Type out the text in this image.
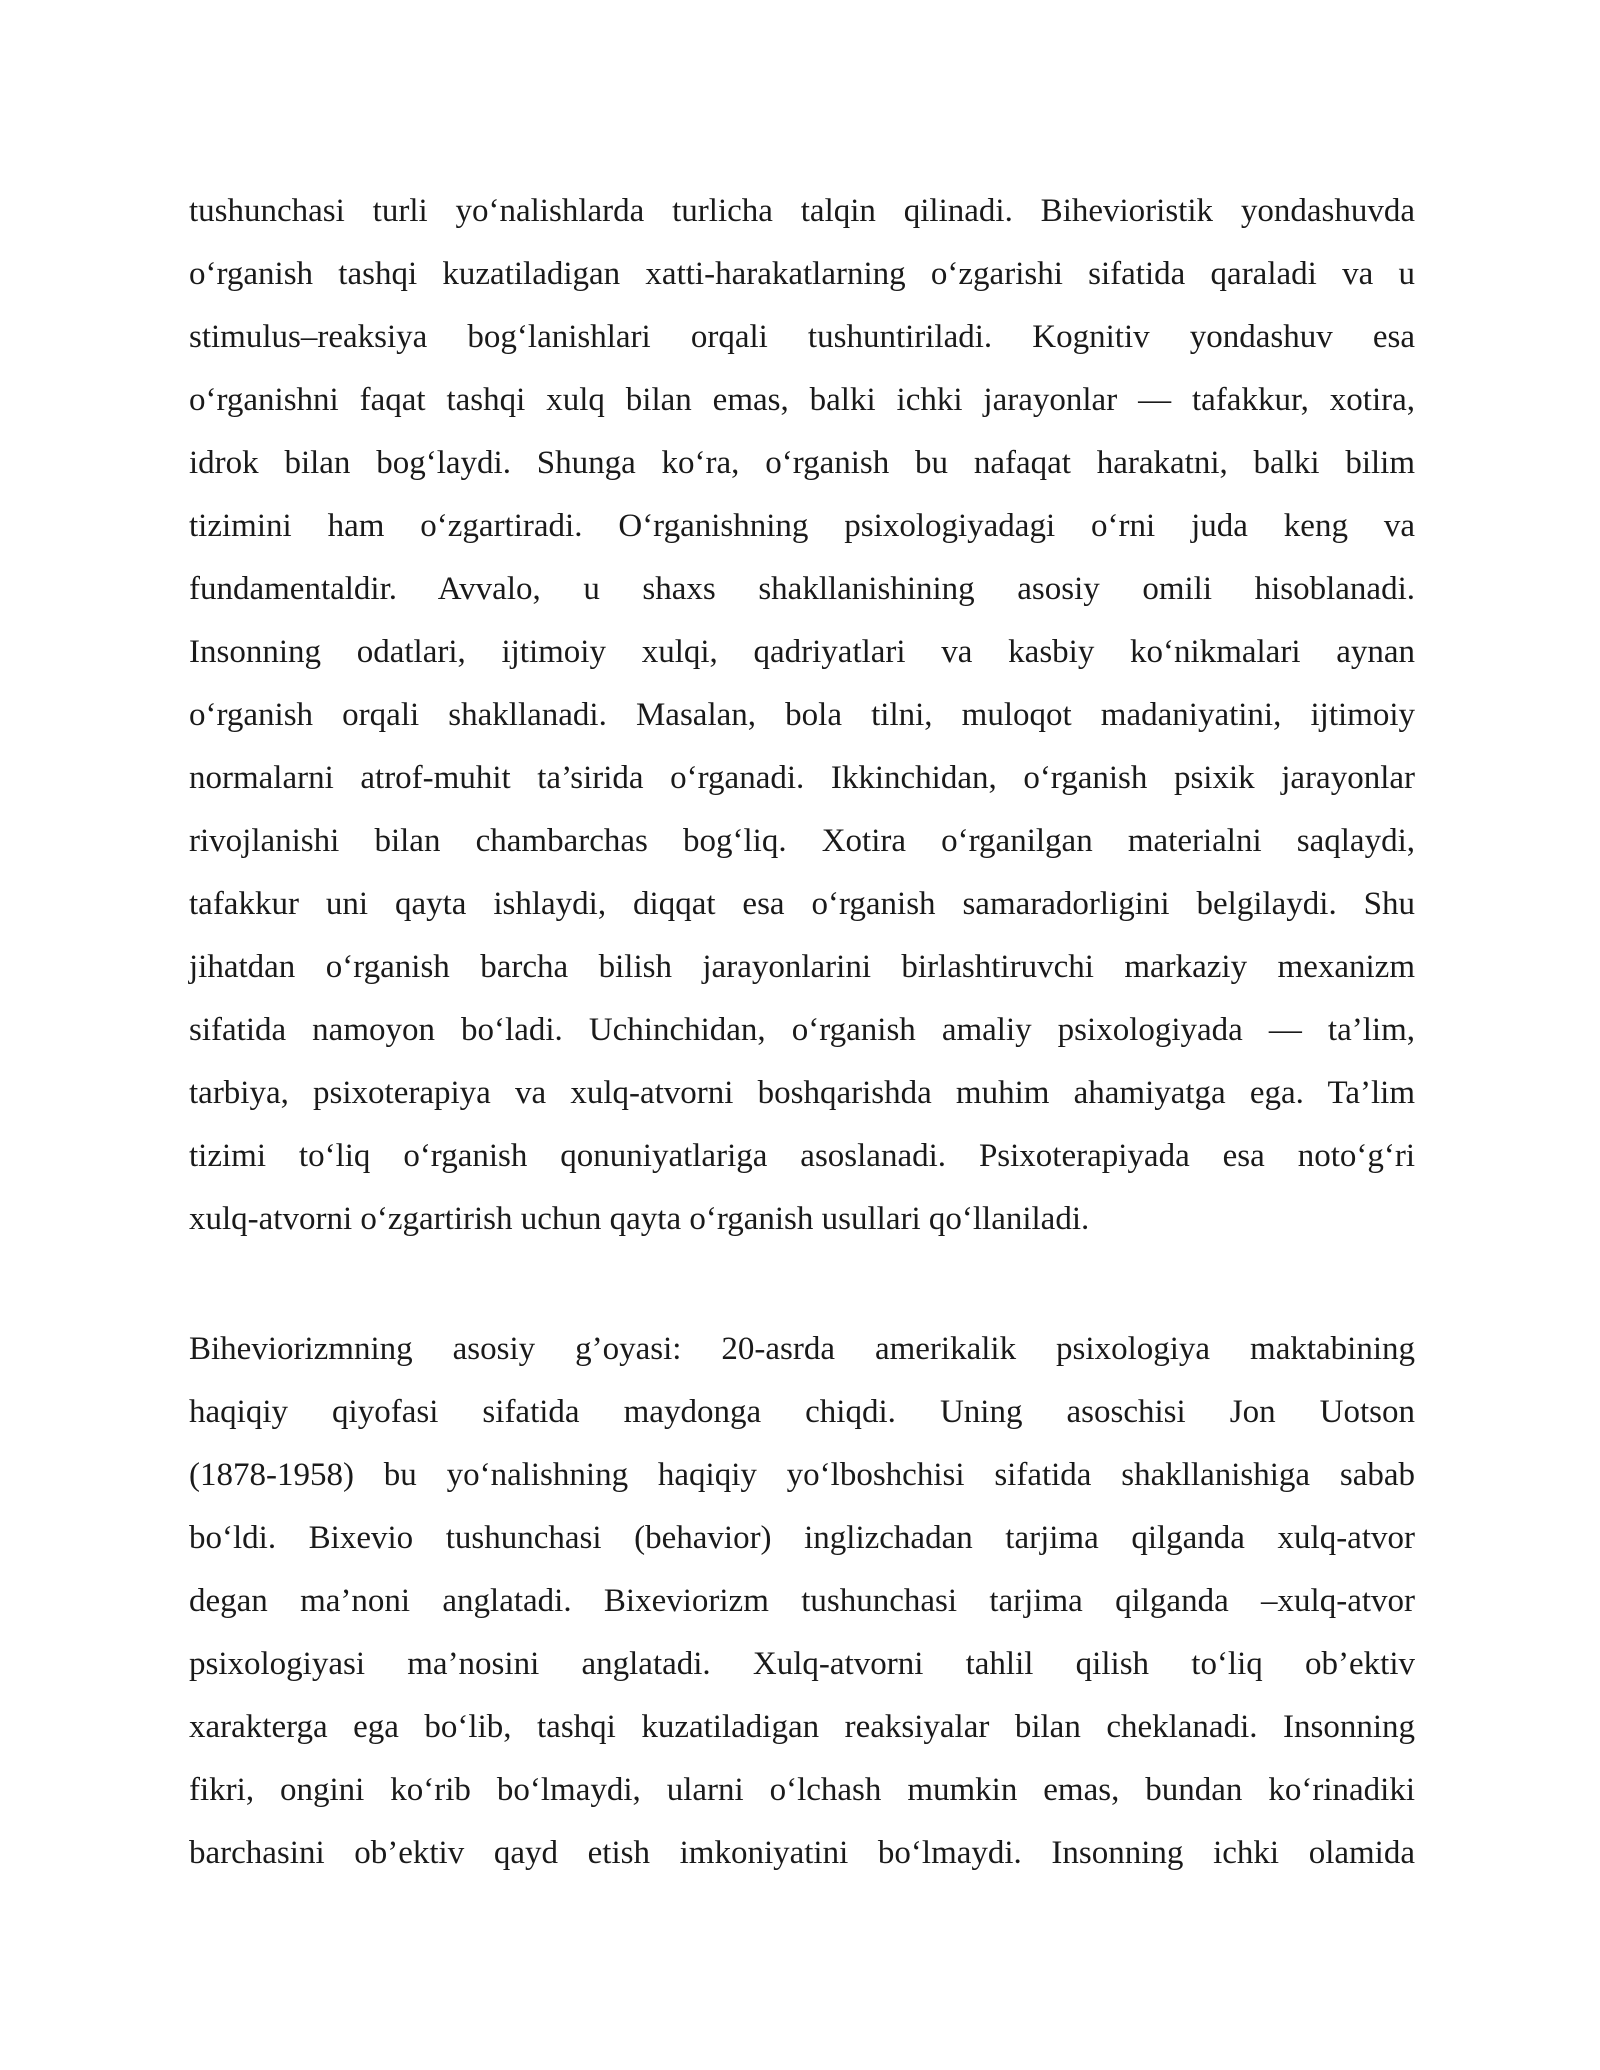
tushunchasi turli yo‘nalishlarda turlicha talqin qilinadi. Bihevioristik yondashuvda
o‘rganish tashqi kuzatiladigan xatti-harakatlarning o‘zgarishi sifatida qaraladi va u
stimulus–reaksiya bog‘lanishlari orqali tushuntiriladi. Kognitiv yondashuv esa
o‘rganishni faqat tashqi xulq bilan emas, balki ichki jarayonlar — tafakkur, xotira,
idrok bilan bog‘laydi. Shunga ko‘ra, o‘rganish bu nafaqat harakatni, balki bilim
tizimini ham o‘zgartiradi. O‘rganishning psixologiyadagi o‘rni juda keng va
fundamentaldir. Avvalo, u shaxs shakllanishining asosiy omili hisoblanadi.
Insonning odatlari, ijtimoiy xulqi, qadriyatlari va kasbiy ko‘nikmalari aynan
o‘rganish orqali shakllanadi. Masalan, bola tilni, muloqot madaniyatini, ijtimoiy
normalarni atrof-muhit ta’sirida o‘rganadi. Ikkinchidan, o‘rganish psixik jarayonlar
rivojlanishi bilan chambarchas bog‘liq. Xotira o‘rganilgan materialni saqlaydi,
tafakkur uni qayta ishlaydi, diqqat esa o‘rganish samaradorligini belgilaydi. Shu
jihatdan o‘rganish barcha bilish jarayonlarini birlashtiruvchi markaziy mexanizm
sifatida namoyon bo‘ladi. Uchinchidan, o‘rganish amaliy psixologiyada — ta’lim,
tarbiya, psixoterapiya va xulq-atvorni boshqarishda muhim ahamiyatga ega. Ta’lim
tizimi to‘liq o‘rganish qonuniyatlariga asoslanadi. Psixoterapiyada esa noto‘g‘ri
xulq-atvorni o‘zgartirish uchun qayta o‘rganish usullari qo‘llaniladi.
Biheviorizmning asosiy g’oyasi: 20-asrda amerikalik psixologiya maktabining
haqiqiy qiyofasi sifatida maydonga chiqdi. Uning asoschisi Jon Uotson
(1878-1958) bu yo‘nalishning haqiqiy yo‘lboshchisi sifatida shakllanishiga sabab
bo‘ldi. Bixevio tushunchasi (behavior) inglizchadan tarjima qilganda xulq-atvor
degan ma’noni anglatadi. Bixeviorizm tushunchasi tarjima qilganda –xulq-atvor
psixologiyasi ma’nosini anglatadi. Xulq-atvorni tahlil qilish to‘liq ob’ektiv
xarakterga ega bo‘lib, tashqi kuzatiladigan reaksiyalar bilan cheklanadi. Insonning
fikri, ongini ko‘rib bo‘lmaydi, ularni o‘lchash mumkin emas, bundan ko‘rinadiki
barchasini ob’ektiv qayd etish imkoniyatini bo‘lmaydi. Insonning ichki olamida
